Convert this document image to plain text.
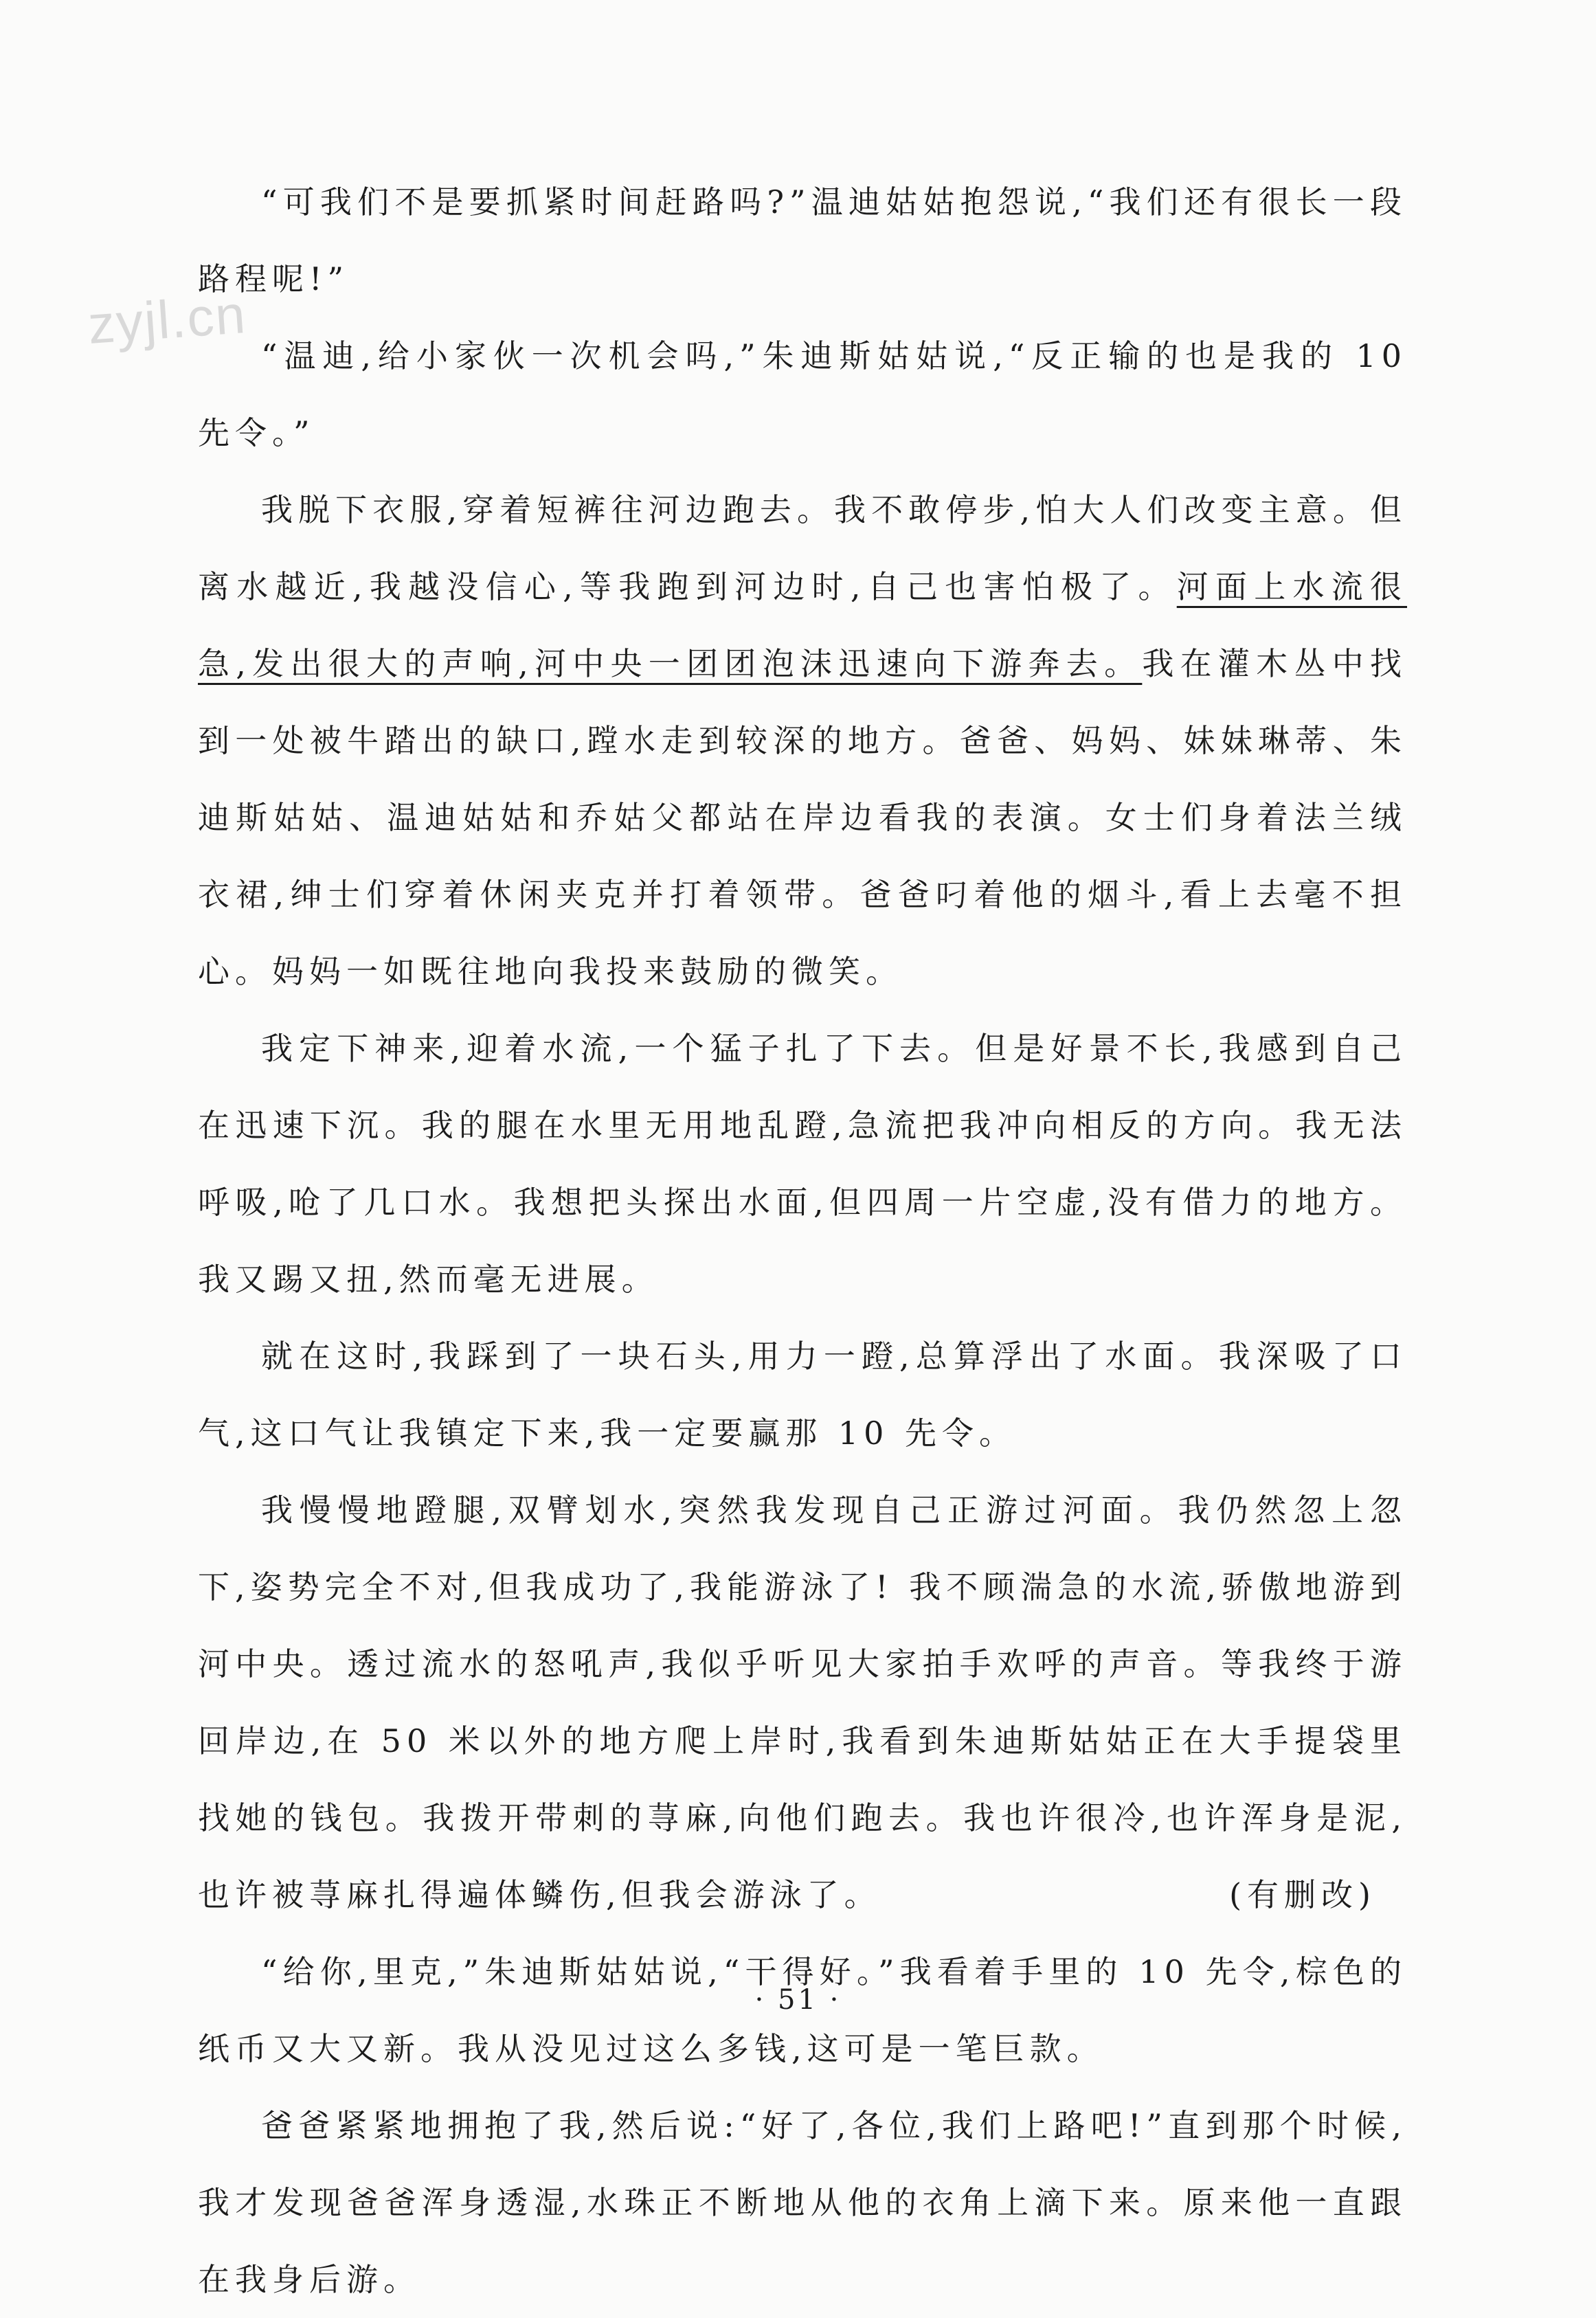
zyjl.cn

“可我们不是要抓紧时间赶路吗?”温迪姑姑抱怨说,“我们还有很长一段路程呢!”

“温迪,给小家伙一次机会吗,”朱迪斯姑姑说,“反正输的也是我的 10 先令。”

我脱下衣服,穿着短裤往河边跑去。我不敢停步,怕大人们改变主意。但离水越近,我越没信心,等我跑到河边时,自己也害怕极了。河面上水流很急,发出很大的声响,河中央一团团泡沫迅速向下游奔去。我在灌木丛中找到一处被牛踏出的缺口,蹚水走到较深的地方。爸爸、妈妈、妹妹琳蒂、朱迪斯姑姑、温迪姑姑和乔姑父都站在岸边看我的表演。女士们身着法兰绒衣裙,绅士们穿着休闲夹克并打着领带。爸爸叼着他的烟斗,看上去毫不担心。妈妈一如既往地向我投来鼓励的微笑。

我定下神来,迎着水流,一个猛子扎了下去。但是好景不长,我感到自己在迅速下沉。我的腿在水里无用地乱蹬,急流把我冲向相反的方向。我无法呼吸,呛了几口水。我想把头探出水面,但四周一片空虚,没有借力的地方。我又踢又扭,然而毫无进展。

就在这时,我踩到了一块石头,用力一蹬,总算浮出了水面。我深吸了口气,这口气让我镇定下来,我一定要赢那 10 先令。

我慢慢地蹬腿,双臂划水,突然我发现自己正游过河面。我仍然忽上忽下,姿势完全不对,但我成功了,我能游泳了! 我不顾湍急的水流,骄傲地游到河中央。透过流水的怒吼声,我似乎听见大家拍手欢呼的声音。等我终于游回岸边,在 50 米以外的地方爬上岸时,我看到朱迪斯姑姑正在大手提袋里找她的钱包。我拨开带刺的荨麻,向他们跑去。我也许很冷,也许浑身是泥,也许被荨麻扎得遍体鳞伤,但我会游泳了。

“给你,里克,”朱迪斯姑姑说,“干得好。”我看着手里的 10 先令,棕色的纸币又大又新。我从没见过这么多钱,这可是一笔巨款。

爸爸紧紧地拥抱了我,然后说:“好了,各位,我们上路吧!”直到那个时候,我才发现爸爸浑身透湿,水珠正不断地从他的衣角上滴下来。原来他一直跟在我身后游。

(有删改)
· 51 ·
